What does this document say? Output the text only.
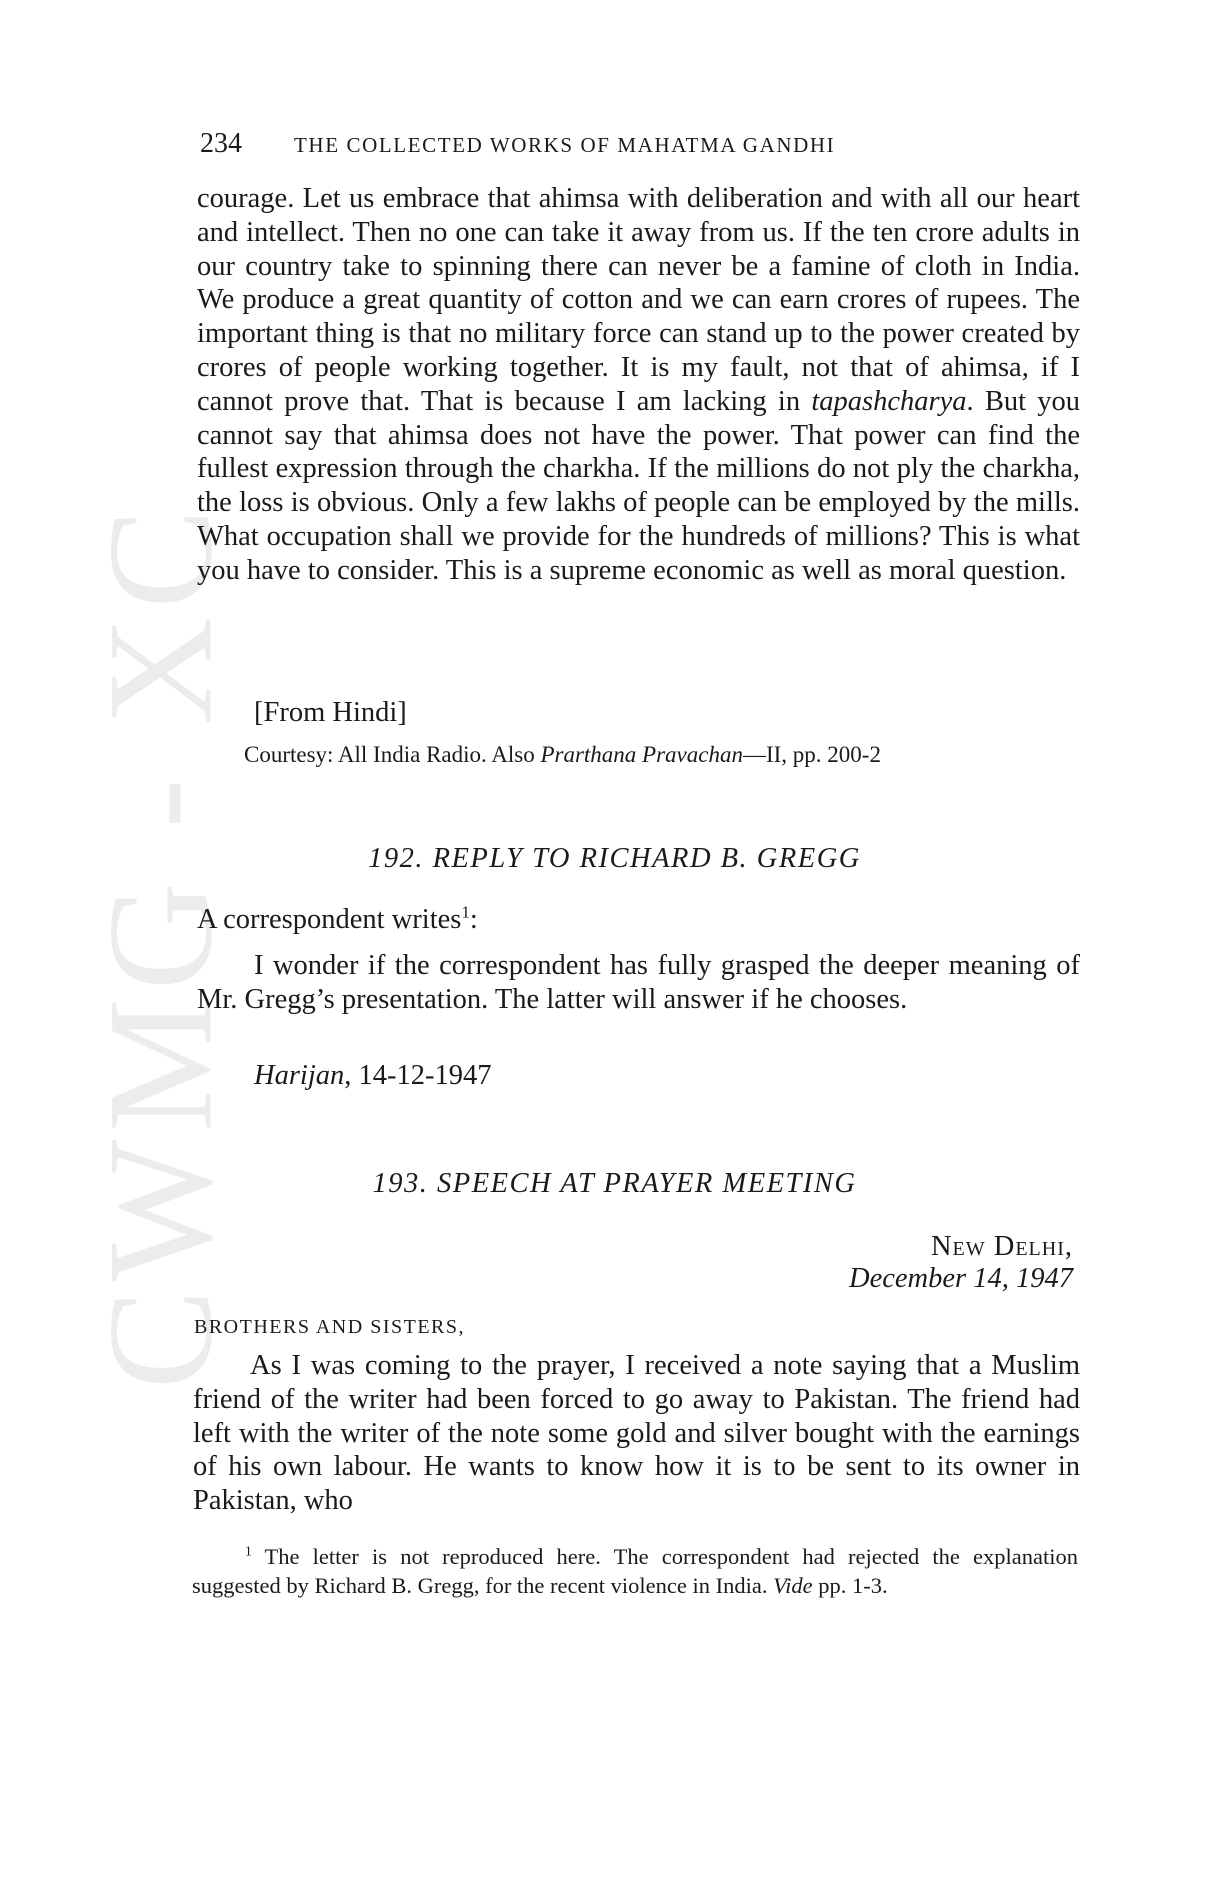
CWMG - XC
234	THE COLLECTED WORKS OF MAHATMA GANDHI

courage. Let us embrace that ahimsa with deliberation and with all our heart and intellect. Then no one can take it away from us. If the ten crore adults in our country take to spinning there can never be a famine of cloth in India. We produce a great quantity of cotton and we can earn crores of rupees. The important thing is that no military force can stand up to the power created by crores of people working together. It is my fault, not that of ahimsa, if I cannot prove that. That is because I am lacking in tapashcharya. But you cannot say that ahimsa does not have the power. That power can find the fullest expression through the charkha. If the millions do not ply the charkha, the loss is obvious. Only a few lakhs of people can be employed by the mills. What occupation shall we provide for the hundreds of millions? This is what you have to consider. This is a supreme economic as well as moral question.

[From Hindi]
Courtesy: All India Radio. Also Prarthana Pravachan—II, pp. 200-2
192. REPLY TO RICHARD B. GREGG

A correspondent writes$^1$:

I wonder if the correspondent has fully grasped the deeper meaning of Mr. Gregg’s presentation. The latter will answer if he chooses.

Harijan, 14-12-1947
193. SPEECH AT PRAYER MEETING
New Delhi,
December 14, 1947
BROTHERS AND SISTERS,

As I was coming to the prayer, I received a note saying that a Muslim friend of the writer had been forced to go away to Pakistan. The friend had left with the writer of the note some gold and silver bought with the earnings of his own labour. He wants to know how it is to be sent to its owner in Pakistan, who

$^1$ The letter is not reproduced here. The correspondent had rejected the explanation suggested by Richard B. Gregg, for the recent violence in India. Vide pp. 1-3.
